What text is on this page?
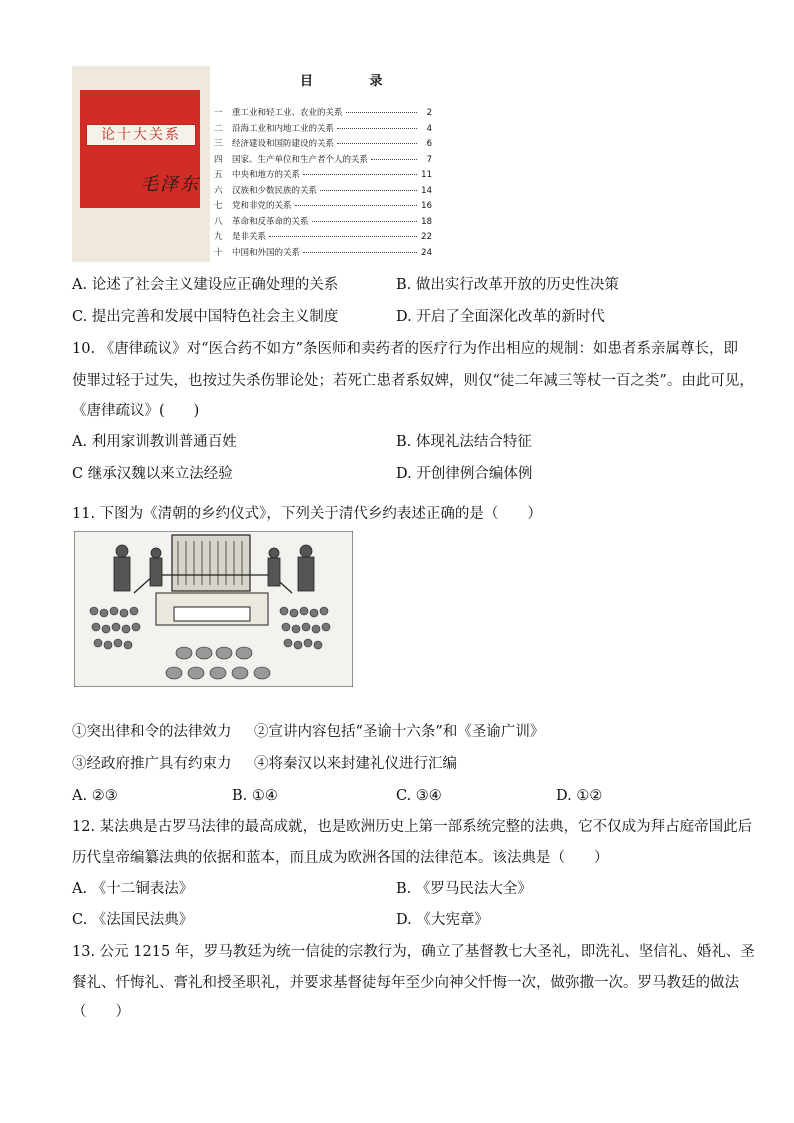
论十大关系
毛泽东
目 录
一	重工业和轻工业、农业的关系	2
二	沿海工业和内地工业的关系	4
三	经济建设和国防建设的关系	6
四	国家、生产单位和生产者个人的关系	7
五	中央和地方的关系	11
六	汉族和少数民族的关系	14
七	党和非党的关系	16
八	革命和反革命的关系	18
九	是非关系	22
十	中国和外国的关系	24
A. 论述了社会主义建设应正确处理的关系	B. 做出实行改革开放的历史性决策
C. 提出完善和发展中国特色社会主义制度	D. 开启了全面深化改革的新时代
10. 《唐律疏议》对“医合药不如方”条医师和卖药者的医疗行为作出相应的规制：如患者系亲属尊长，即
使罪过轻于过失，也按过失杀伤罪论处；若死亡患者系奴婢，则仅“徒二年减三等杖一百之类”。由此可见，
《唐律疏议》(　　)
A. 利用家训教训普通百姓	B. 体现礼法结合特征
C 继承汉魏以来立法经验	D. 开创律例合编体例
11. 下图为《清朝的乡约仪式》，下列关于清代乡约表述正确的是（　　）
①突出律和令的法律效力 ②宣讲内容包括“圣谕十六条”和《圣谕广训》
③经政府推广具有约束力 ④将秦汉以来封建礼仪进行汇编
A. ②③	B. ①④	C. ③④	D. ①②
12. 某法典是古罗马法律的最高成就，也是欧洲历史上第一部系统完整的法典，它不仅成为拜占庭帝国此后
历代皇帝编纂法典的依据和蓝本，而且成为欧洲各国的法律范本。该法典是（　　）
A. 《十二铜表法》	B. 《罗马民法大全》
C. 《法国民法典》	D. 《大宪章》
13. 公元 1215 年，罗马教廷为统一信徒的宗教行为，确立了基督教七大圣礼，即洗礼、坚信礼、婚礼、圣
餐礼、忏悔礼、膏礼和授圣职礼，并要求基督徒每年至少向神父忏悔一次，做弥撒一次。罗马教廷的做法
（　　）
